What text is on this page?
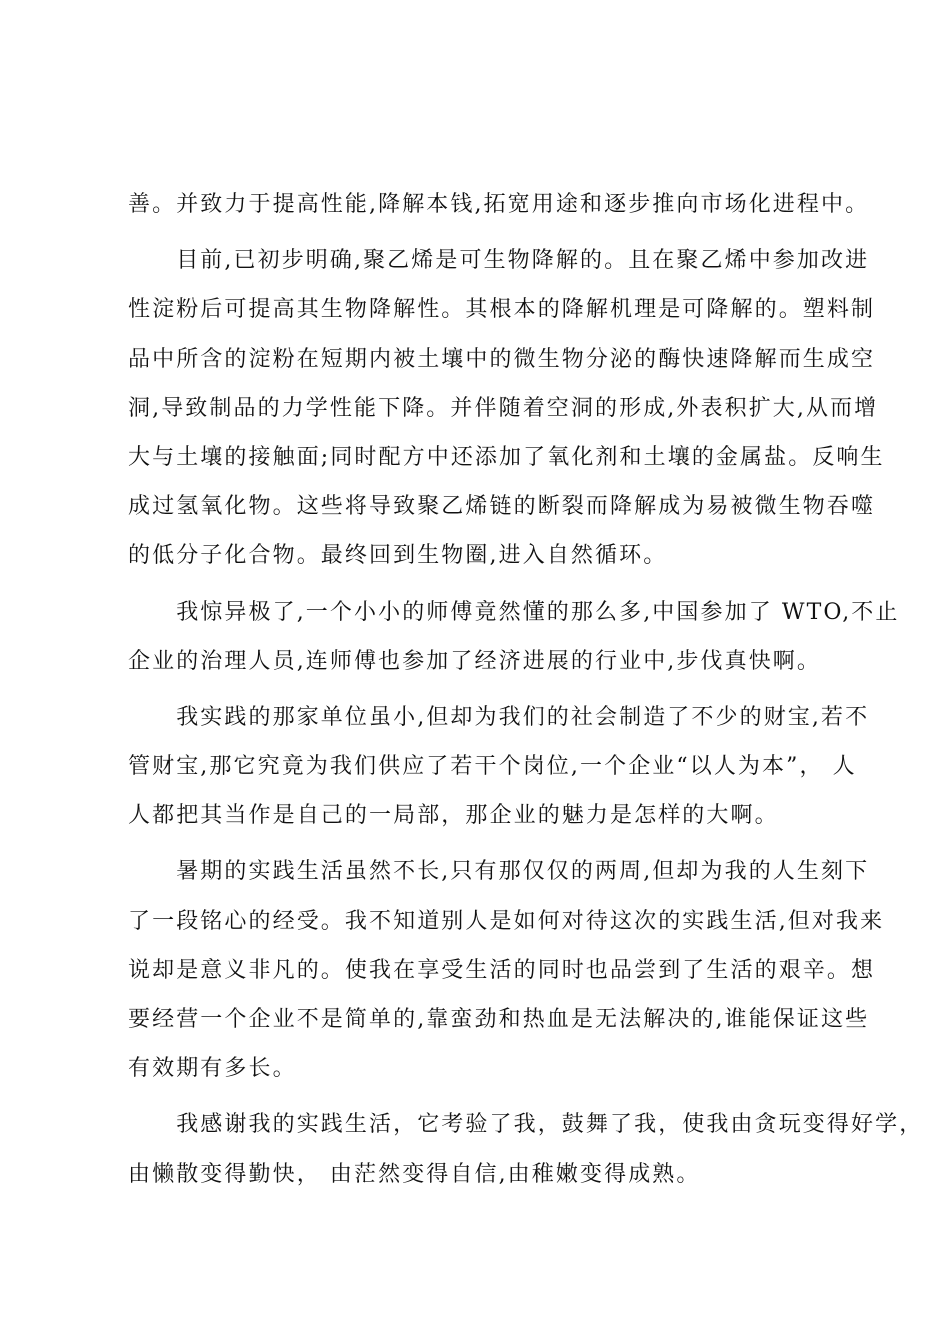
善。并致力于提高性能,降解本钱,拓宽用途和逐步推向市场化进程中。
　　目前,已初步明确,聚乙烯是可生物降解的。且在聚乙烯中参加改进
性淀粉后可提高其生物降解性。其根本的降解机理是可降解的。塑料制
品中所含的淀粉在短期内被土壤中的微生物分泌的酶快速降解而生成空
洞,导致制品的力学性能下降。并伴随着空洞的形成,外表积扩大,从而增
大与土壤的接触面;同时配方中还添加了氧化剂和土壤的金属盐。反响生
成过氢氧化物。这些将导致聚乙烯链的断裂而降解成为易被微生物吞噬
的低分子化合物。最终回到生物圈,进入自然循环。
　　我惊异极了,一个小小的师傅竟然懂的那么多,中国参加了 WTO,不止
企业的治理人员,连师傅也参加了经济进展的行业中,步伐真快啊。
　　我实践的那家单位虽小,但却为我们的社会制造了不少的财宝,若不
管财宝,那它究竟为我们供应了若干个岗位,一个企业“以人为本”， 人
人都把其当作是自己的一局部，那企业的魅力是怎样的大啊。
　　暑期的实践生活虽然不长,只有那仅仅的两周,但却为我的人生刻下
了一段铭心的经受。我不知道别人是如何对待这次的实践生活,但对我来
说却是意义非凡的。使我在享受生活的同时也品尝到了生活的艰辛。想
要经营一个企业不是简单的,靠蛮劲和热血是无法解决的,谁能保证这些
有效期有多长。
　　我感谢我的实践生活，它考验了我，鼓舞了我，使我由贪玩变得好学，
由懒散变得勤快， 由茫然变得自信,由稚嫩变得成熟。
